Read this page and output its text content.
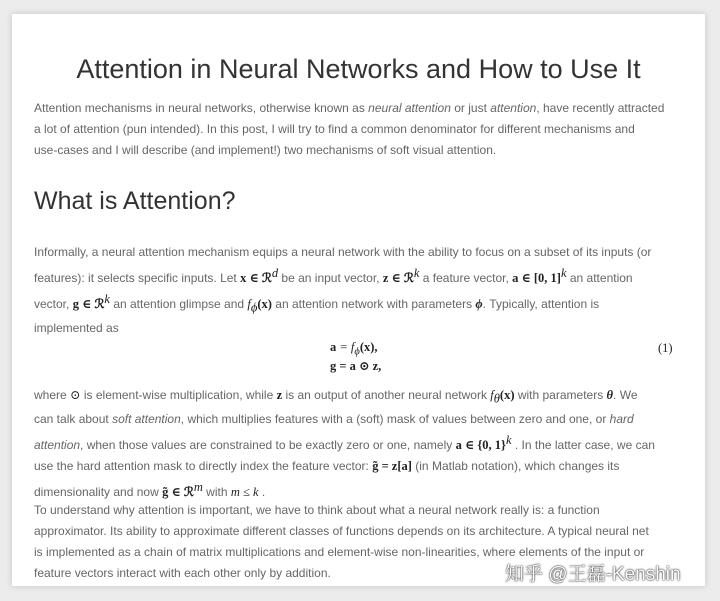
Attention in Neural Networks and How to Use It
Attention mechanisms in neural networks, otherwise known as neural attention or just attention, have recently attracted
a lot of attention (pun intended). In this post, I will try to find a common denominator for different mechanisms and
use-cases and I will describe (and implement!) two mechanisms of soft visual attention.
What is Attention?
Informally, a neural attention mechanism equips a neural network with the ability to focus on a subset of its inputs (or
features): it selects specific inputs. Let x ∈ ℛ$^d$ be an input vector, z ∈ ℛ$^k$ a feature vector, a ∈ [0, 1]$^k$ an attention
vector, g ∈ ℛ$^k$ an attention glimpse and $f_\phi(x)$ an attention network with parameters ϕ. Typically, attention is
implemented as
$a = f_\phi(x)$,
g = a ⊙ z,
(1)
where ⊙ is element-wise multiplication, while z is an output of another neural network $f_\theta(x)$ with parameters θ. We
can talk about soft attention, which multiplies features with a (soft) mask of values between zero and one, or hard
attention, when those values are constrained to be exactly zero or one, namely a ∈ {0, 1}$^k$ . In the latter case, we can
use the hard attention mask to directly index the feature vector: g̃ = z[a] (in Matlab notation), which changes its
dimensionality and now g̃ ∈ ℛ$^m$ with m ≤ k .
To understand why attention is important, we have to think about what a neural network really is: a function
approximator. Its ability to approximate different classes of functions depends on its architecture. A typical neural net
is implemented as a chain of matrix multiplications and element-wise non-linearities, where elements of the input or
feature vectors interact with each other only by addition.	知乎 @王磊-Kenshin
